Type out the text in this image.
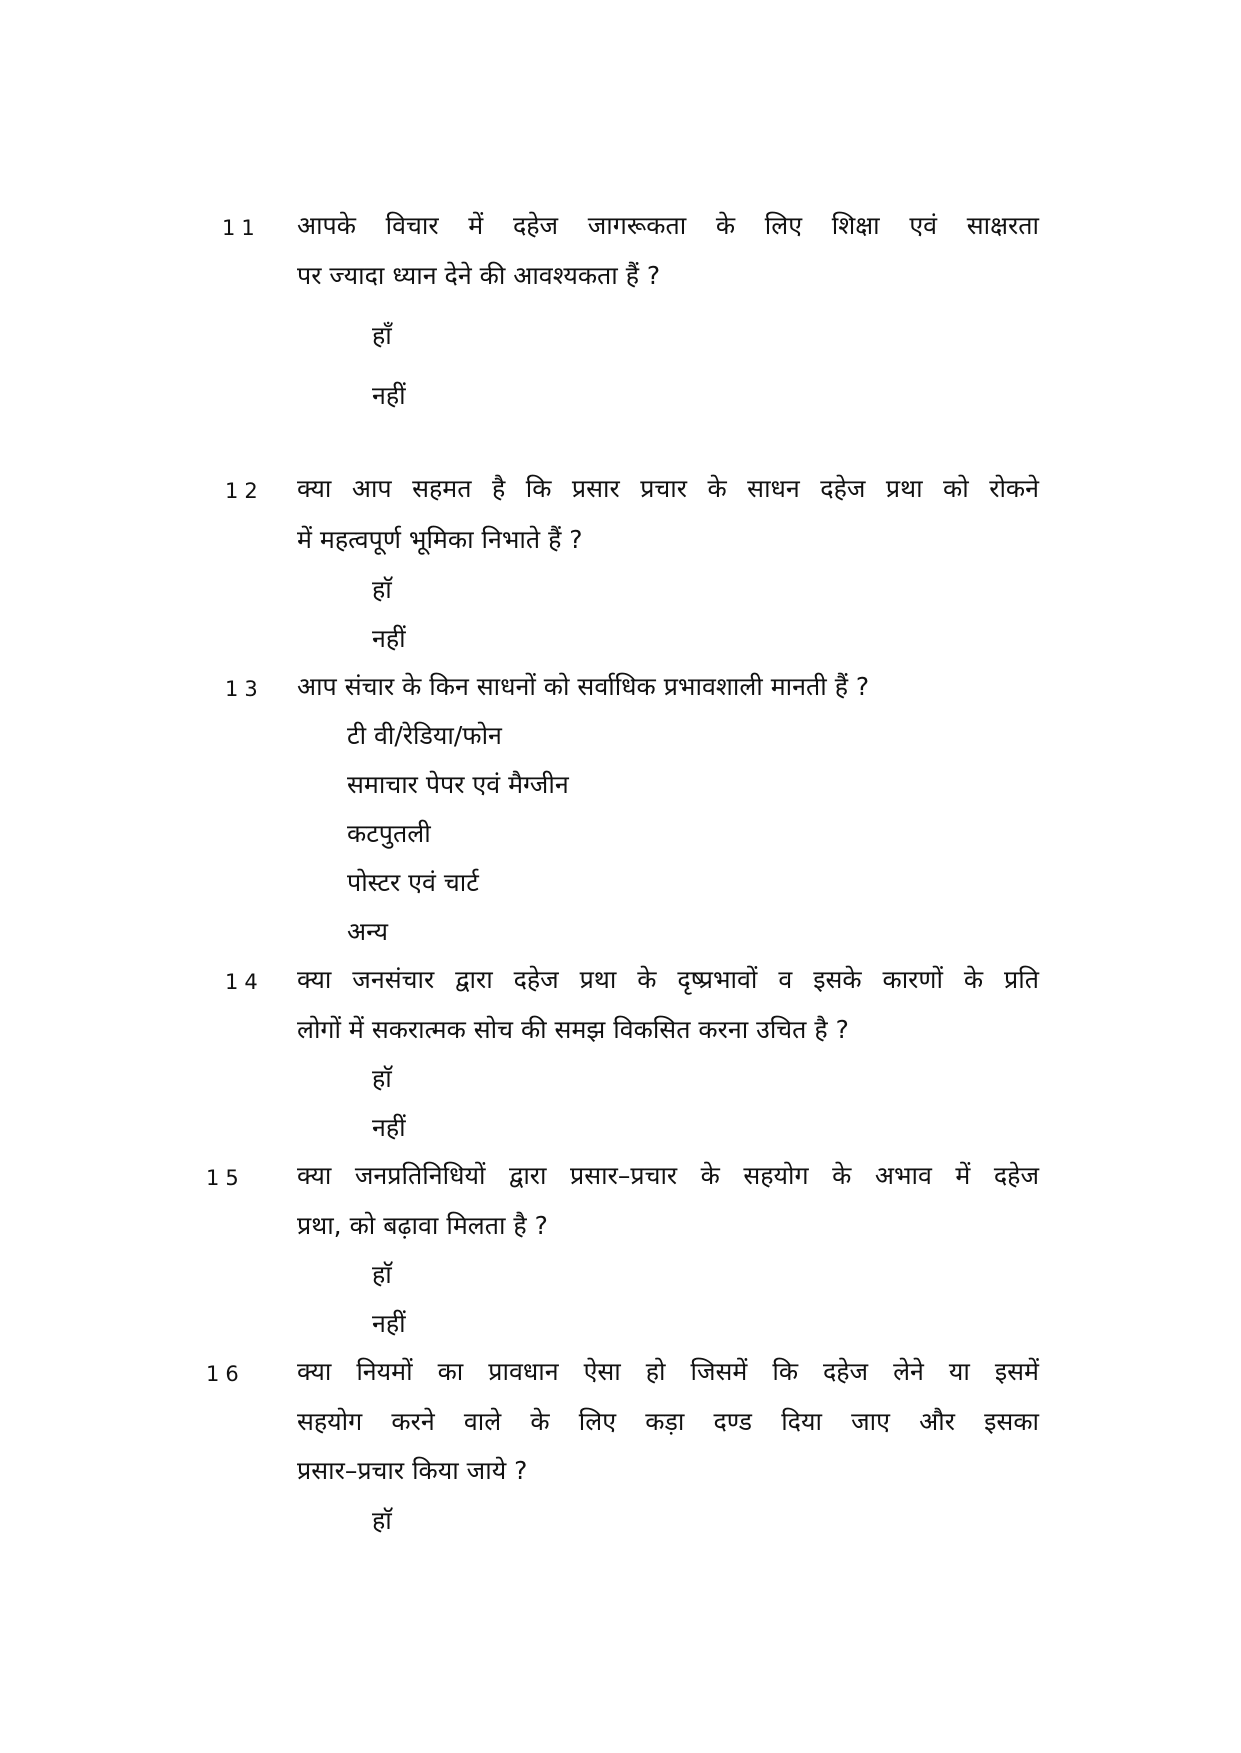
11 आपके विचार में दहेज जागरूकता के लिए शिक्षा एवं साक्षरता
पर ज्यादा ध्यान देने की आवश्यकता हैं ?
हाँ
नहीं
12 क्या आप सहमत है कि प्रसार प्रचार के साधन दहेज प्रथा को रोकने
में महत्वपूर्ण भूमिका निभाते हैं ?
हाॅ
नहीं
13 आप संचार के किन साधनों को सर्वाधिक प्रभावशाली मानती हैं ?
टी वी/रेडिया/फोन
समाचार पेपर एवं मैग्जीन
कटपुतली
पोस्टर एवं चार्ट
अन्य
14 क्या जनसंचार द्वारा दहेज प्रथा के दृष्प्रभावों व इसके कारणों के प्रति
लोगों में सकरात्मक सोच की समझ विकसित करना उचित है ?
हाॅ
नहीं
15 क्या जनप्रतिनिधियों द्वारा प्रसार–प्रचार के सहयोग के अभाव में दहेज
प्रथा, को बढ़ावा मिलता है ?
हाॅ
नहीं
16 क्या नियमों का प्रावधान ऐसा हो जिसमें कि दहेज लेने या इसमें
सहयोग करने वाले के लिए कड़ा दण्ड दिया जाए और इसका
प्रसार–प्रचार किया जाये ?
हाॅ
